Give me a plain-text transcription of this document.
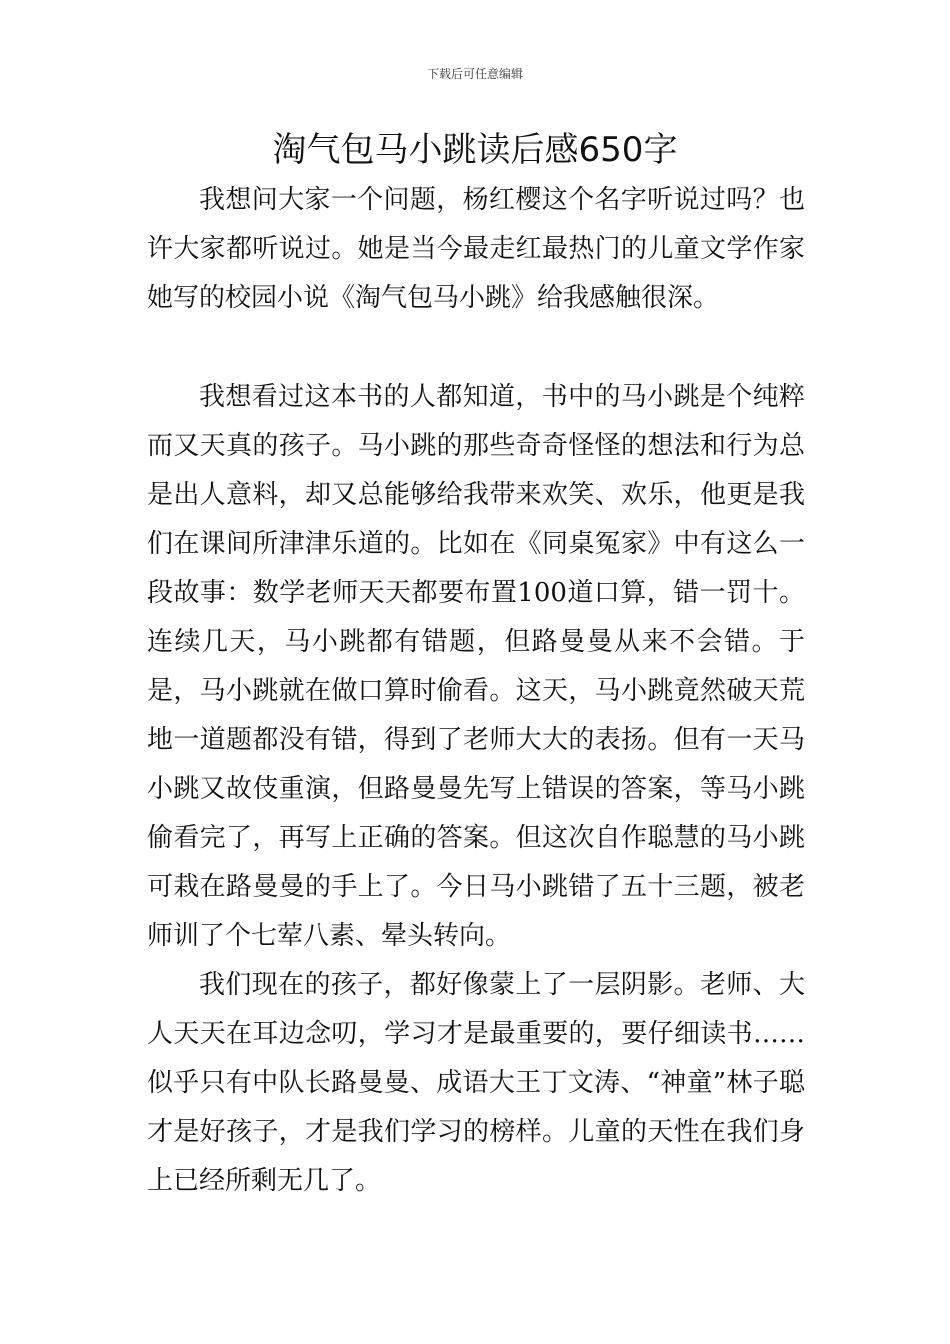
下载后可任意编辑
淘气包马小跳读后感650字

我想问大家一个问题，杨红樱这个名字听说过吗？也许大家都听说过。她是当今最走红最热门的儿童文学作家她写的校园小说《淘气包马小跳》给我感触很深。

我想看过这本书的人都知道，书中的马小跳是个纯粹而又天真的孩子。马小跳的那些奇奇怪怪的想法和行为总是出人意料，却又总能够给我带来欢笑、欢乐，他更是我们在课间所津津乐道的。比如在《同桌冤家》中有这么一段故事：数学老师天天都要布置100道口算，错一罚十。连续几天，马小跳都有错题，但路曼曼从来不会错。于是，马小跳就在做口算时偷看。这天，马小跳竟然破天荒地一道题都没有错，得到了老师大大的表扬。但有一天马小跳又故伎重演，但路曼曼先写上错误的答案，等马小跳偷看完了，再写上正确的答案。但这次自作聪慧的马小跳可栽在路曼曼的手上了。今日马小跳错了五十三题，被老师训了个七荤八素、晕头转向。

我们现在的孩子，都好像蒙上了一层阴影。老师、大人天天在耳边念叨，学习才是最重要的，要仔细读书……似乎只有中队长路曼曼、成语大王丁文涛、“神童”林子聪才是好孩子，才是我们学习的榜样。儿童的天性在我们身上已经所剩无几了。
